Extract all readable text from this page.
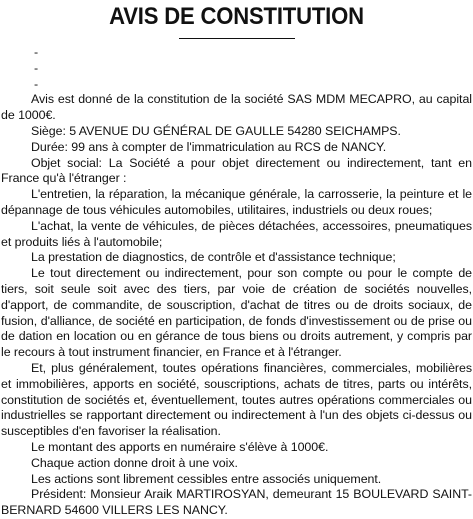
AVIS DE CONSTITUTION
-
-
-

Avis est donné de la constitution de la société SAS MDM MECAPRO, au capital de 1000€.

Siège: 5 AVENUE DU GÉNÉRAL DE GAULLE 54280 SEICHAMPS.

Durée: 99 ans à compter de l'immatriculation au RCS de NANCY.

Objet social: La Société a pour objet directement ou indirectement, tant en France qu'à l'étranger :

L'entretien, la réparation, la mécanique générale, la carrosserie, la peinture et le dépannage de tous véhicules automobiles, utilitaires, industriels ou deux roues;

L'achat, la vente de véhicules, de pièces détachées, accessoires, pneumatiques et produits liés à l'automobile;

La prestation de diagnostics, de contrôle et d'assistance technique;

Le tout directement ou indirectement, pour son compte ou pour le compte de tiers, soit seule soit avec des tiers, par voie de création de sociétés nouvelles, d'apport, de commandite, de souscription, d'achat de titres ou de droits sociaux, de fusion, d'alliance, de société en participation, de fonds d'investissement ou de prise ou de dation en location ou en gérance de tous biens ou droits autrement, y compris par le recours à tout instrument financier, en France et à l'étranger.

Et, plus généralement, toutes opérations financières, commerciales, mobilières et immobilières, apports en société, souscriptions, achats de titres, parts ou intérêts, constitution de sociétés et, éventuellement, toutes autres opérations commerciales ou industrielles se rapportant directement ou indirectement à l'un des objets ci-dessus ou susceptibles d'en favoriser la réalisation.

Le montant des apports en numéraire s'élève à 1000€.

Chaque action donne droit à une voix.

Les actions sont librement cessibles entre associés uniquement.

Président: Monsieur Araik MARTIROSYAN, demeurant 15 BOULEVARD SAINT-BERNARD 54600 VILLERS LES NANCY.
